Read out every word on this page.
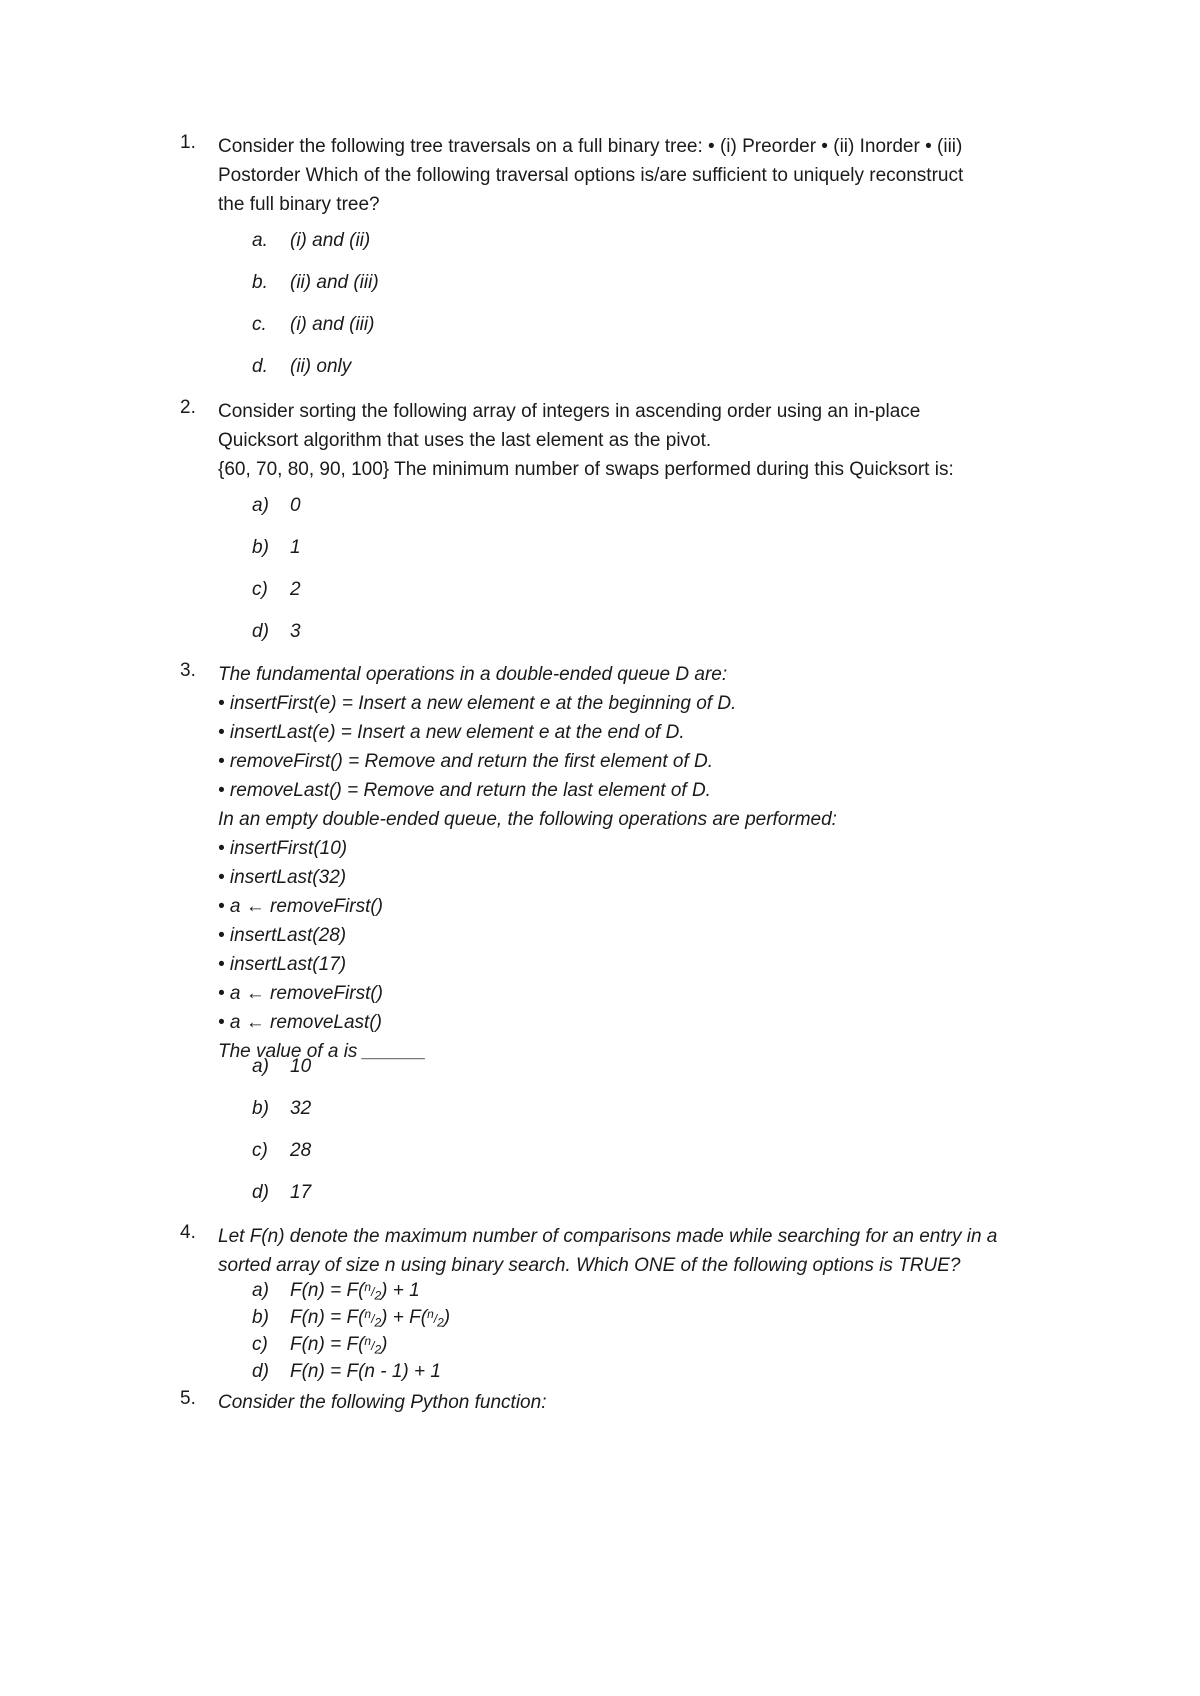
1.	Consider the following tree traversals on a full binary tree: • (i) Preorder • (ii) Inorder • (iii)
Postorder Which of the following traversal options is/are sufficient to uniquely reconstruct
the full binary tree?
a.	(i) and (ii)
b.	(ii) and (iii)
c.	(i) and (iii)
d.	(ii) only
2.	Consider sorting the following array of integers in ascending order using an in-place
Quicksort algorithm that uses the last element as the pivot.
{60, 70, 80, 90, 100} The minimum number of swaps performed during this Quicksort is:
a)	0
b)	1
c)	2
d)	3
3.	The fundamental operations in a double-ended queue D are:
• insertFirst(e) = Insert a new element e at the beginning of D.
• insertLast(e) = Insert a new element e at the end of D.
• removeFirst() = Remove and return the first element of D.
• removeLast() = Remove and return the last element of D.
In an empty double-ended queue, the following operations are performed:
• insertFirst(10)
• insertLast(32)
• a ← removeFirst()
• insertLast(28)
• insertLast(17)
• a ← removeFirst()
• a ← removeLast()
The value of a is ______
a)	10
b)	32
c)	28
d)	17
4.	Let F(n) denote the maximum number of comparisons made while searching for an entry in a
sorted array of size n using binary search. Which ONE of the following options is TRUE?
a)	F(n) = F(n/2) + 1
b)	F(n) = F(n/2) + F(n/2)
c)	F(n) = F(n/2)
d)	F(n) = F(n - 1) + 1
5.	Consider the following Python function:
